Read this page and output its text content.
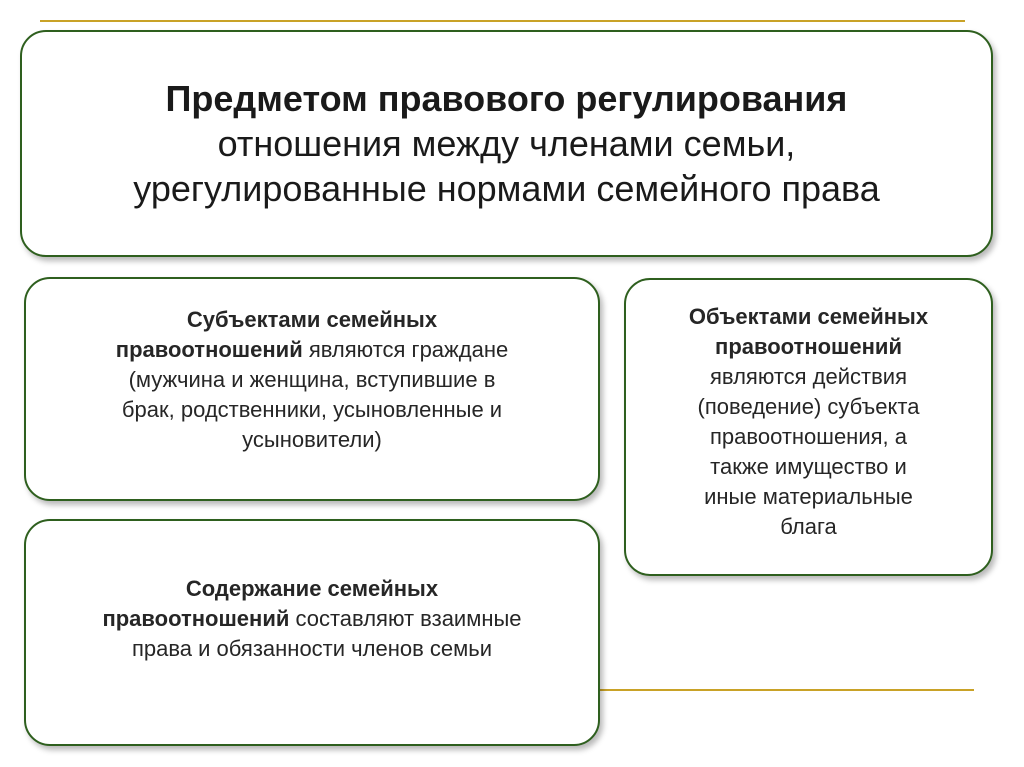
Предметом правового регулирования
отношения между членами семьи,
урегулированные нормами семейного права
Субъектами семейных
правоотношений являются граждане
(мужчина и женщина, вступившие в
брак, родственники, усыновленные и
усыновители)
Объектами семейных
правоотношений
являются действия
(поведение) субъекта
правоотношения, а
также имущество и
иные материальные
блага
Содержание семейных
правоотношений составляют взаимные
права и обязанности членов семьи
